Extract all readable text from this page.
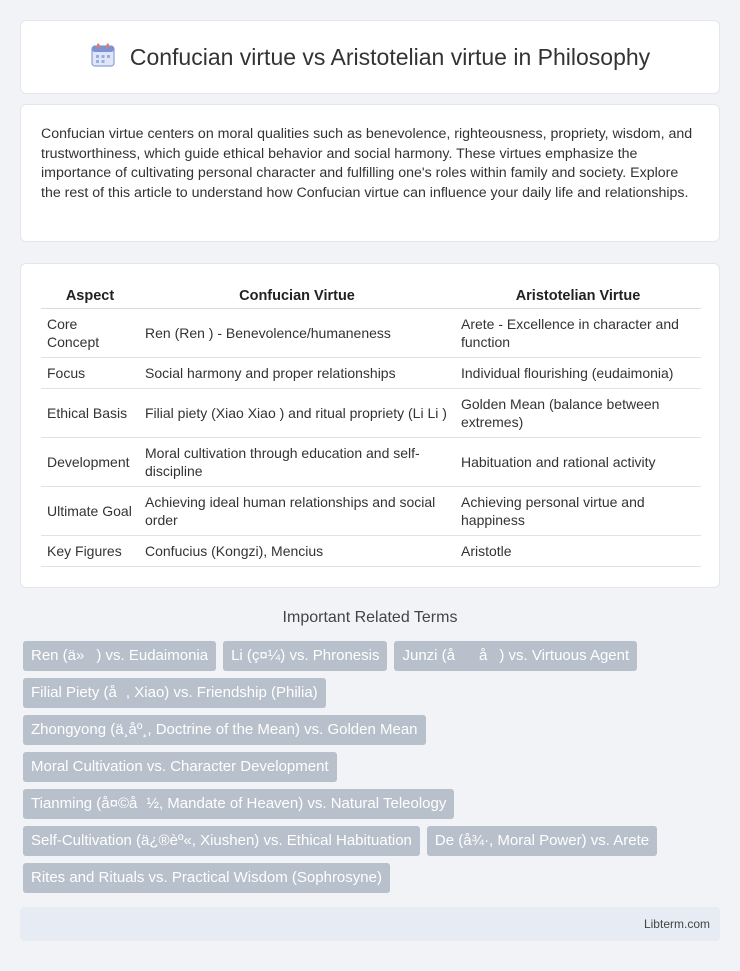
Confucian virtue vs Aristotelian virtue in Philosophy

Confucian virtue centers on moral qualities such as benevolence, righteousness, propriety, wisdom, and trustworthiness, which guide ethical behavior and social harmony. These virtues emphasize the importance of cultivating personal character and fulfilling one's roles within family and society. Explore the rest of this article to understand how Confucian virtue can influence your daily life and relationships.

Aspect	Confucian Virtue	Aristotelian Virtue
Core Concept	Ren (Ren ) - Benevolence/humaneness	Arete - Excellence in character and function
Focus	Social harmony and proper relationships	Individual flourishing (eudaimonia)
Ethical Basis	Filial piety (Xiao Xiao ) and ritual propriety (Li Li )	Golden Mean (balance between extremes)
Development	Moral cultivation through education and self-discipline	Habituation and rational activity
Ultimate Goal	Achieving ideal human relationships and social order	Achieving personal virtue and happiness
Key Figures	Confucius (Kongzi), Mencius	Aristotle
Important Related Terms
Ren (ä») vs. Eudaimonia	Li (ç¤¼) vs. Phronesis	Junzi (åå) vs. Virtuous Agent
Filial Piety (å, Xiao) vs. Friendship (Philia)
Zhongyong (ä¸åº¸, Doctrine of the Mean) vs. Golden Mean
Moral Cultivation vs. Character Development
Tianming (å¤©å½, Mandate of Heaven) vs. Natural Teleology
Self-Cultivation (ä¿®èº«, Xiushen) vs. Ethical Habituation	De (å¾·, Moral Power) vs. Arete
Rites and Rituals vs. Practical Wisdom (Sophrosyne)
Libterm.com
